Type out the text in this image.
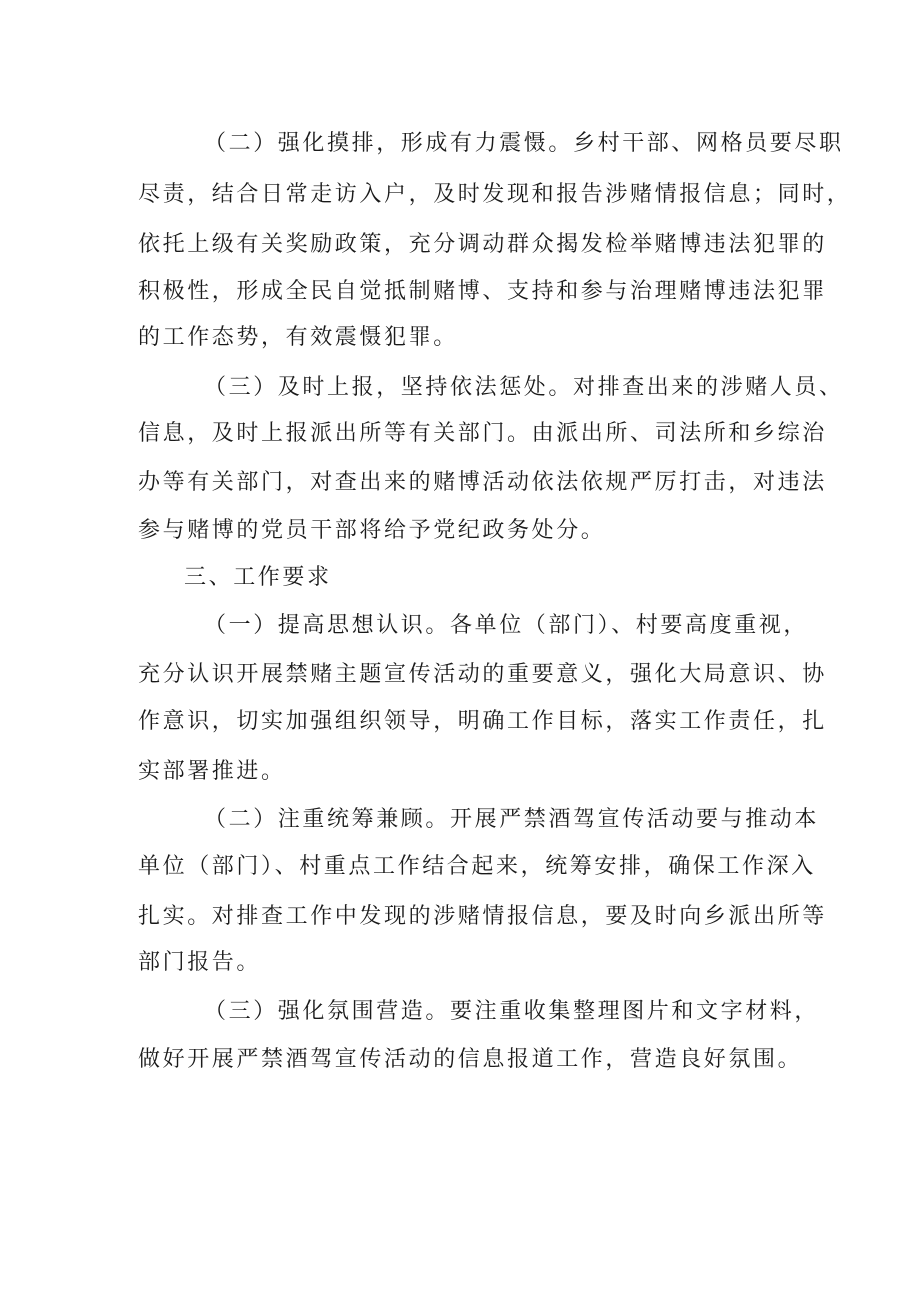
（二）强化摸排，形成有力震慑。乡村干部、网格员要尽职
尽责，结合日常走访入户，及时发现和报告涉赌情报信息；同时，
依托上级有关奖励政策，充分调动群众揭发检举赌博违法犯罪的
积极性，形成全民自觉抵制赌博、支持和参与治理赌博违法犯罪
的工作态势，有效震慑犯罪。
（三）及时上报，坚持依法惩处。对排查出来的涉赌人员、
信息，及时上报派出所等有关部门。由派出所、司法所和乡综治
办等有关部门，对查出来的赌博活动依法依规严厉打击，对违法
参与赌博的党员干部将给予党纪政务处分。
三、工作要求
（一）提高思想认识。各单位（部门）、村要高度重视，
充分认识开展禁赌主题宣传活动的重要意义，强化大局意识、协
作意识，切实加强组织领导，明确工作目标，落实工作责任，扎
实部署推进。
（二）注重统筹兼顾。开展严禁酒驾宣传活动要与推动本
单位（部门）、村重点工作结合起来，统筹安排，确保工作深入
扎实。对排查工作中发现的涉赌情报信息，要及时向乡派出所等
部门报告。
（三）强化氛围营造。要注重收集整理图片和文字材料，
做好开展严禁酒驾宣传活动的信息报道工作，营造良好氛围。
